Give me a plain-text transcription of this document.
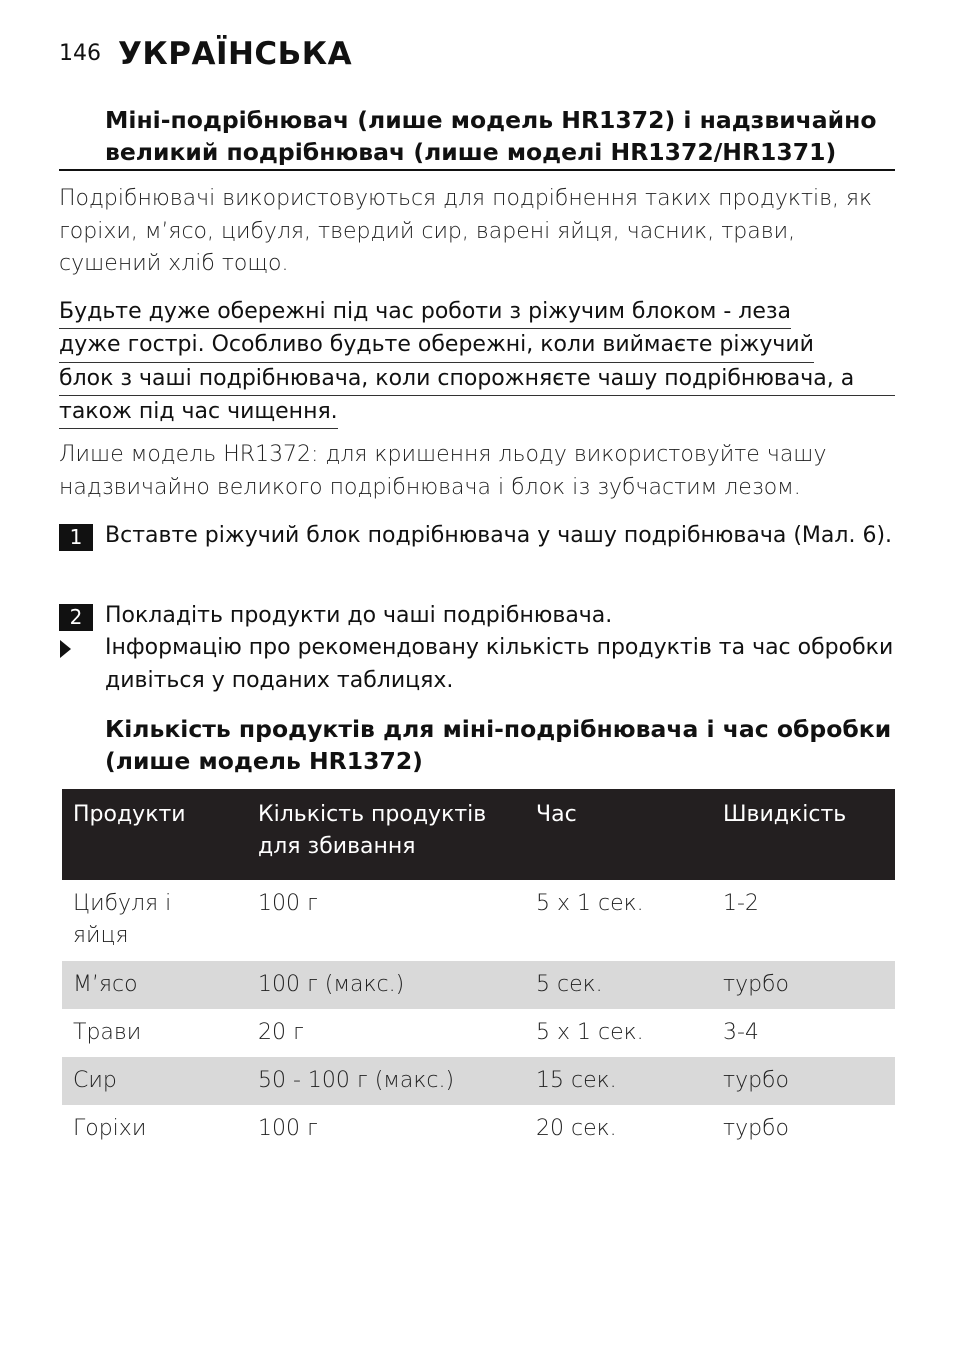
146 УКРАЇНСЬКА
Міні-подрібнювач (лише модель HR1372) і надзвичайно великий подрібнювач (лише моделі HR1372/HR1371)
Подрібнювачі використовуються для подрібнення таких продуктів, як горіхи, м’ясо, цибуля, твердий сир, варені яйця, часник, трави, сушений хліб тощо.
Будьте дуже обережні під час роботи з ріжучим блоком - леза
дуже гострі. Особливо будьте обережні, коли виймаєте ріжучий
блок з чаші подрібнювача, коли спорожняєте чашу подрібнювача, а
також під час чищення.
Лише модель HR1372: для кришення льоду використовуйте чашу надзвичайно великого подрібнювача і блок із зубчастим лезом.
1	Вставте ріжучий блок подрібнювача у чашу подрібнювача (Мал. 6).
2	Покладіть продукти до чаші подрібнювача.
Інформацію про рекомендовану кількість продуктів та час обробки дивіться у поданих таблицях.
Кількість продуктів для міні-подрібнювача і час обробки (лише модель HR1372)
Продукти	Кількість продуктів для збивання	Час	Швидкість
Цибуля і яйця	100 г	5 x 1 сек.	1-2
М’ясо	100 г (макс.)	5 сек.	турбо
Трави	20 г	5 x 1 сек.	3-4
Сир	50 - 100 г (макс.)	15 сек.	турбо
Горіхи	100 г	20 сек.	турбо
